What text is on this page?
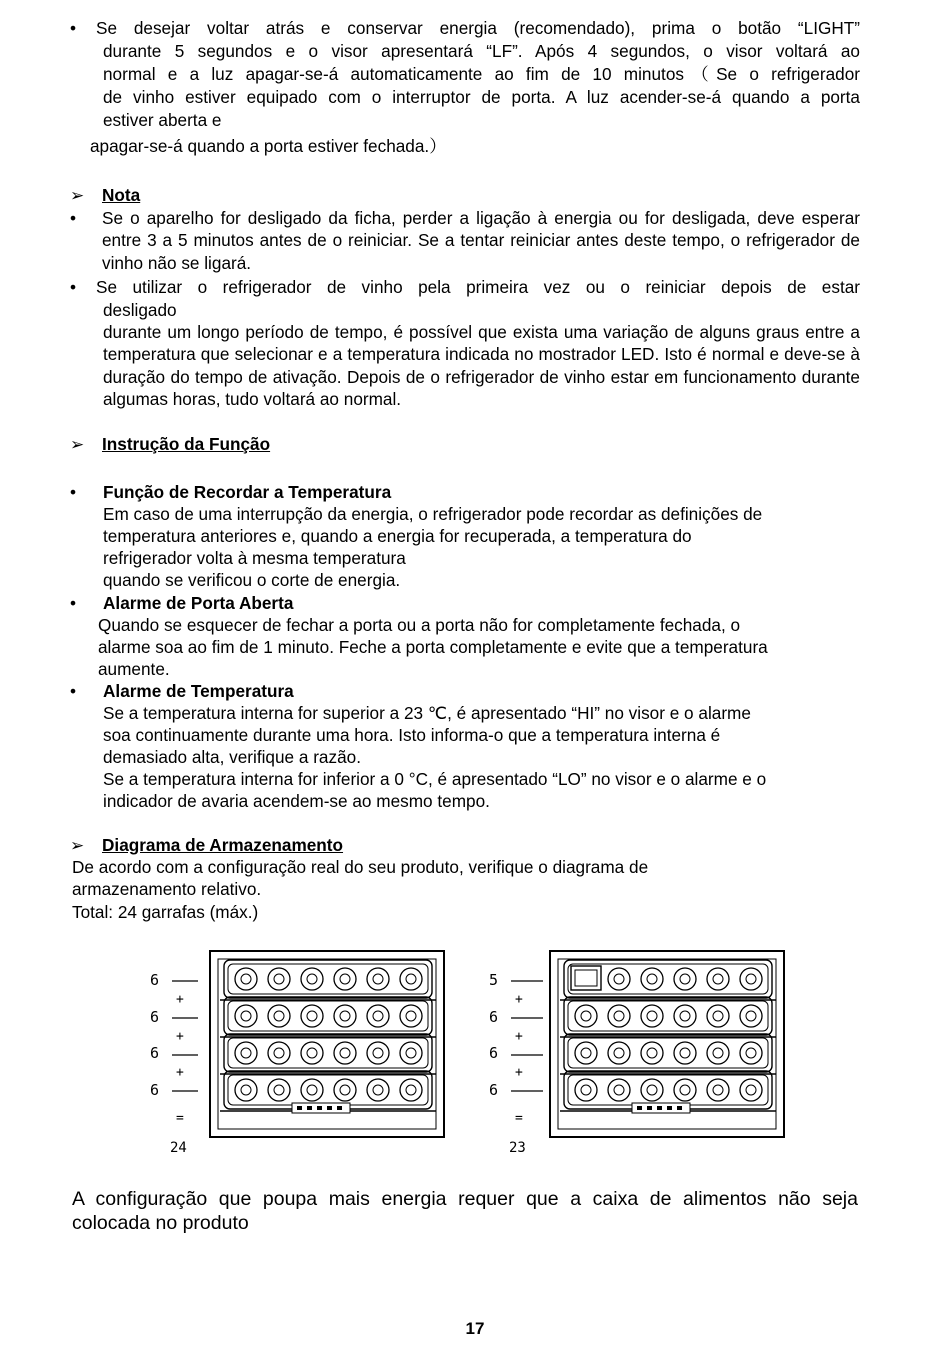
•	Se desejar voltar atrás e conservar energia (recomendado), prima o botão “LIGHT”
durante 5 segundos e o visor apresentará “LF”. Após 4 segundos, o visor voltará ao
normal e a luz apagar-se-á automaticamente ao fim de 10 minutos（Se o refrigerador
de vinho estiver equipado com o interruptor de porta. A luz acender-se-á quando a porta
estiver aberta e
apagar-se-á quando a porta estiver fechada.）
➢ Nota
•	Se o aparelho for desligado da ficha, perder a ligação à energia ou for desligada, deve esperar entre 3 a 5 minutos antes de o reiniciar. Se a tentar reiniciar antes deste tempo, o refrigerador de vinho não se ligará.
•	Se utilizar o refrigerador de vinho pela primeira vez ou o reiniciar depois de estar
desligado
durante um longo período de tempo, é possível que exista uma variação de alguns graus entre a temperatura que selecionar e a temperatura indicada no mostrador LED. Isto é normal e deve-se à duração do tempo de ativação. Depois de o refrigerador de vinho estar em funcionamento durante algumas horas, tudo voltará ao normal.
➢ Instrução da Função
•	Função de Recordar a Temperatura
Em caso de uma interrupção da energia, o refrigerador pode recordar as definições de
temperatura anteriores e, quando a energia for recuperada, a temperatura do
refrigerador volta à mesma temperatura
quando se verificou o corte de energia.
•	Alarme de Porta Aberta
Quando se esquecer de fechar a porta ou a porta não for completamente fechada, o
alarme soa ao fim de 1 minuto. Feche a porta completamente e evite que a temperatura
aumente.
•	Alarme de Temperatura
Se a temperatura interna for superior a 23 ℃, é apresentado “HI” no visor e o alarme
soa continuamente durante uma hora. Isto informa-o que a temperatura interna é
demasiado alta, verifique a razão.
Se a temperatura interna for inferior a 0 °C, é apresentado “LO” no visor e o alarme e o
indicador de avaria acendem-se ao mesmo tempo.
➢ Diagrama de Armazenamento
De acordo com a configuração real do seu produto, verifique o diagrama de
armazenamento relativo.
Total: 24 garrafas (máx.)
6
+
6
+
6
+
6
=
24
5
+
6
+
6
+
6
=
23
A configuração que poupa mais energia requer que a caixa de alimentos não seja
colocada no produto
17
